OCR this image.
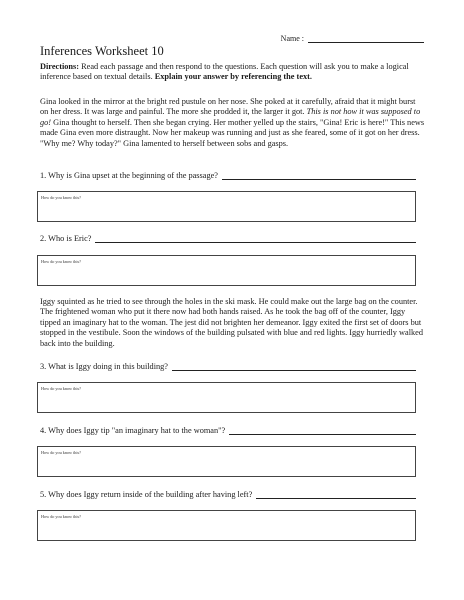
Name :
Inferences Worksheet 10
Directions: Read each passage and then respond to the questions. Each question will ask you to make a logical inference based on textual details. Explain your answer by referencing the text.
Gina looked in the mirror at the bright red pustule on her nose. She poked at it carefully, afraid that it might burst on her dress. It was large and painful. The more she prodded it, the larger it got. This is not how it was supposed to go! Gina thought to herself. Then she began crying. Her mother yelled up the stairs, "Gina! Eric is here!" This news made Gina even more distraught. Now her makeup was running and just as she feared, some of it got on her dress. "Why me? Why today?" Gina lamented to herself between sobs and gasps.
1. Why is Gina upset at the beginning of the passage?
How do you know this?
2. Who is Eric?
How do you know this?
Iggy squinted as he tried to see through the holes in the ski mask. He could make out the large bag on the counter. The frightened woman who put it there now had both hands raised. As he took the bag off of the counter, Iggy tipped an imaginary hat to the woman. The jest did not brighten her demeanor. Iggy exited the first set of doors but stopped in the vestibule. Soon the windows of the building pulsated with blue and red lights. Iggy hurriedly walked back into the building.
3. What is Iggy doing in this building?
How do you know this?
4. Why does Iggy tip "an imaginary hat to the woman"?
How do you know this?
5. Why does Iggy return inside of the building after having left?
How do you know this?
